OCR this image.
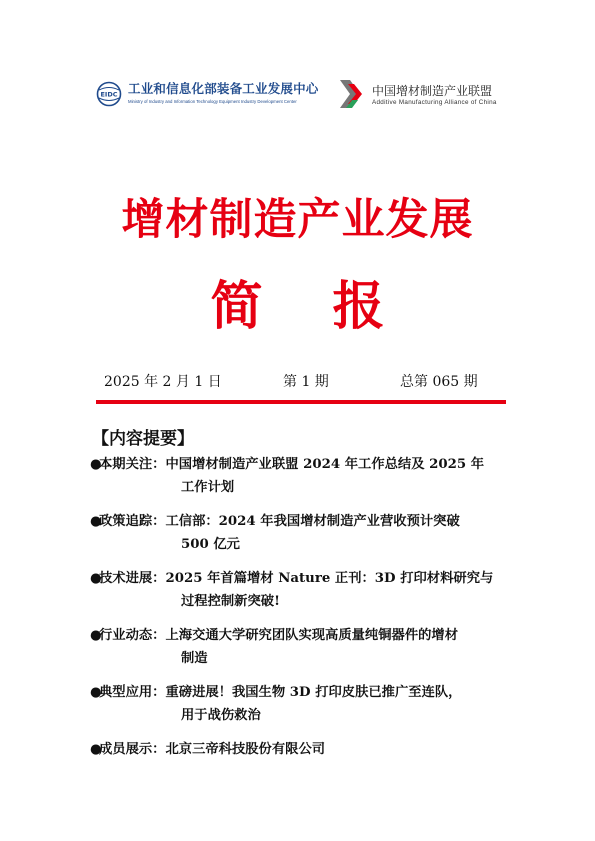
EIDC 工业和信息化部装备工业发展中心
Ministry of Industry and Information Technology Equipment Industry Development Center
中国增材制造产业联盟
Additive Manufacturing Alliance of China
增材制造产业发展
简 报
2025 年 2 月 1 日	第 1 期	总第 065 期
【内容提要】
●本期关注：中国增材制造产业联盟 2024 年工作总结及 2025 年
工作计划
●政策追踪：工信部：2024 年我国增材制造产业营收预计突破
500 亿元
●技术进展：2025 年首篇增材 Nature 正刊：3D 打印材料研究与
过程控制新突破!
●行业动态：上海交通大学研究团队实现高质量纯铜器件的增材
制造
●典型应用：重磅进展！我国生物 3D 打印皮肤已推广至连队，
用于战伤救治
●成员展示：北京三帝科技股份有限公司
